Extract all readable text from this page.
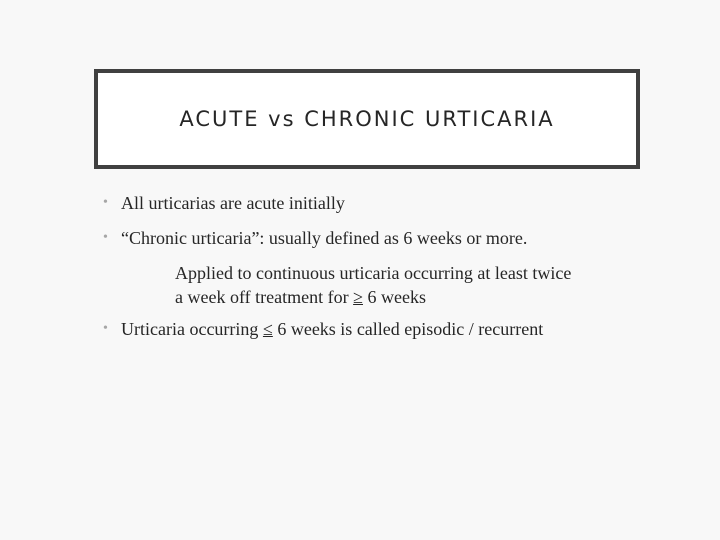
ACUTE vs CHRONIC URTICARIA
• All urticarias are acute initially
• “Chronic urticaria”: usually defined as 6 weeks or more.
Applied to continuous urticaria occurring at least twice
a week off treatment for ≥ 6 weeks
• Urticaria occurring ≤ 6 weeks is called episodic / recurrent
